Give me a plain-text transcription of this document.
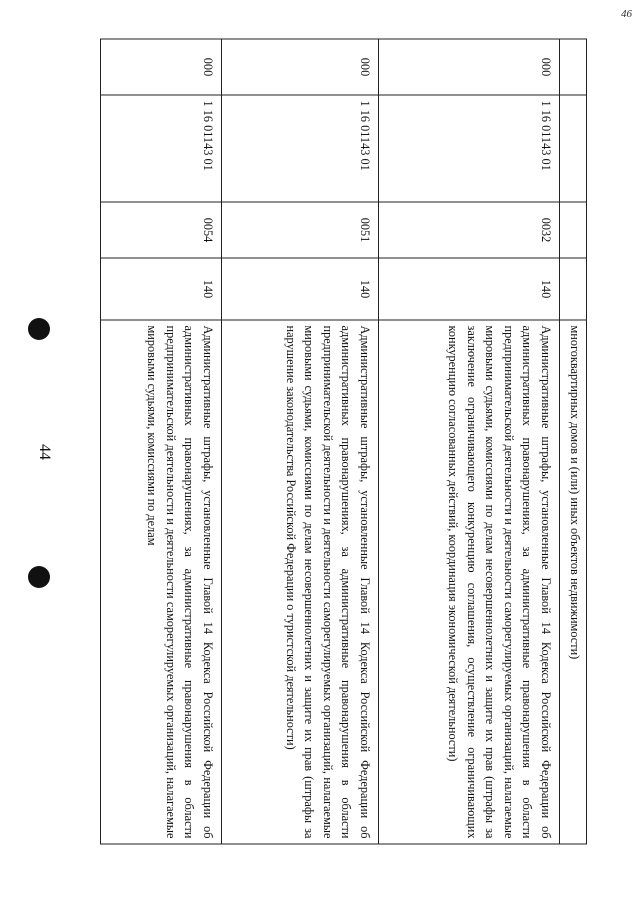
46
44
					многоквартирных домов и (или) иных объектов недвижимости)
000	1 16 01143 01	0032	140	Административные штрафы, установленные Главой 14 Кодекса Российской Федерации об административных правонарушениях, за административные правонарушения в области предпринимательской деятельности и деятельности саморегулируемых организаций, налагаемые мировыми судьями, комиссиями по делам несовершеннолетних и защите их прав (штрафы за заключение ограничивающего конкуренцию соглашения, осуществление ограничивающих конкуренцию согласованных действий, координация экономической деятельности)
000	1 16 01143 01	0051	140	Административные штрафы, установленные Главой 14 Кодекса Российской Федерации об административных правонарушениях, за административные правонарушения в области предпринимательской деятельности и деятельности саморегулируемых организаций, налагаемые мировыми судьями, комиссиями по делам несовершеннолетних и защите их прав (штрафы за нарушение законодательства Российской Федерации о туристской деятельности)
000	1 16 01143 01	0054	140	Административные штрафы, установленные Главой 14 Кодекса Российской Федерации об административных правонарушениях, за административные правонарушения в области предпринимательской деятельности и деятельности саморегулируемых организаций, налагаемые мировыми судьями, комиссиями по делам
